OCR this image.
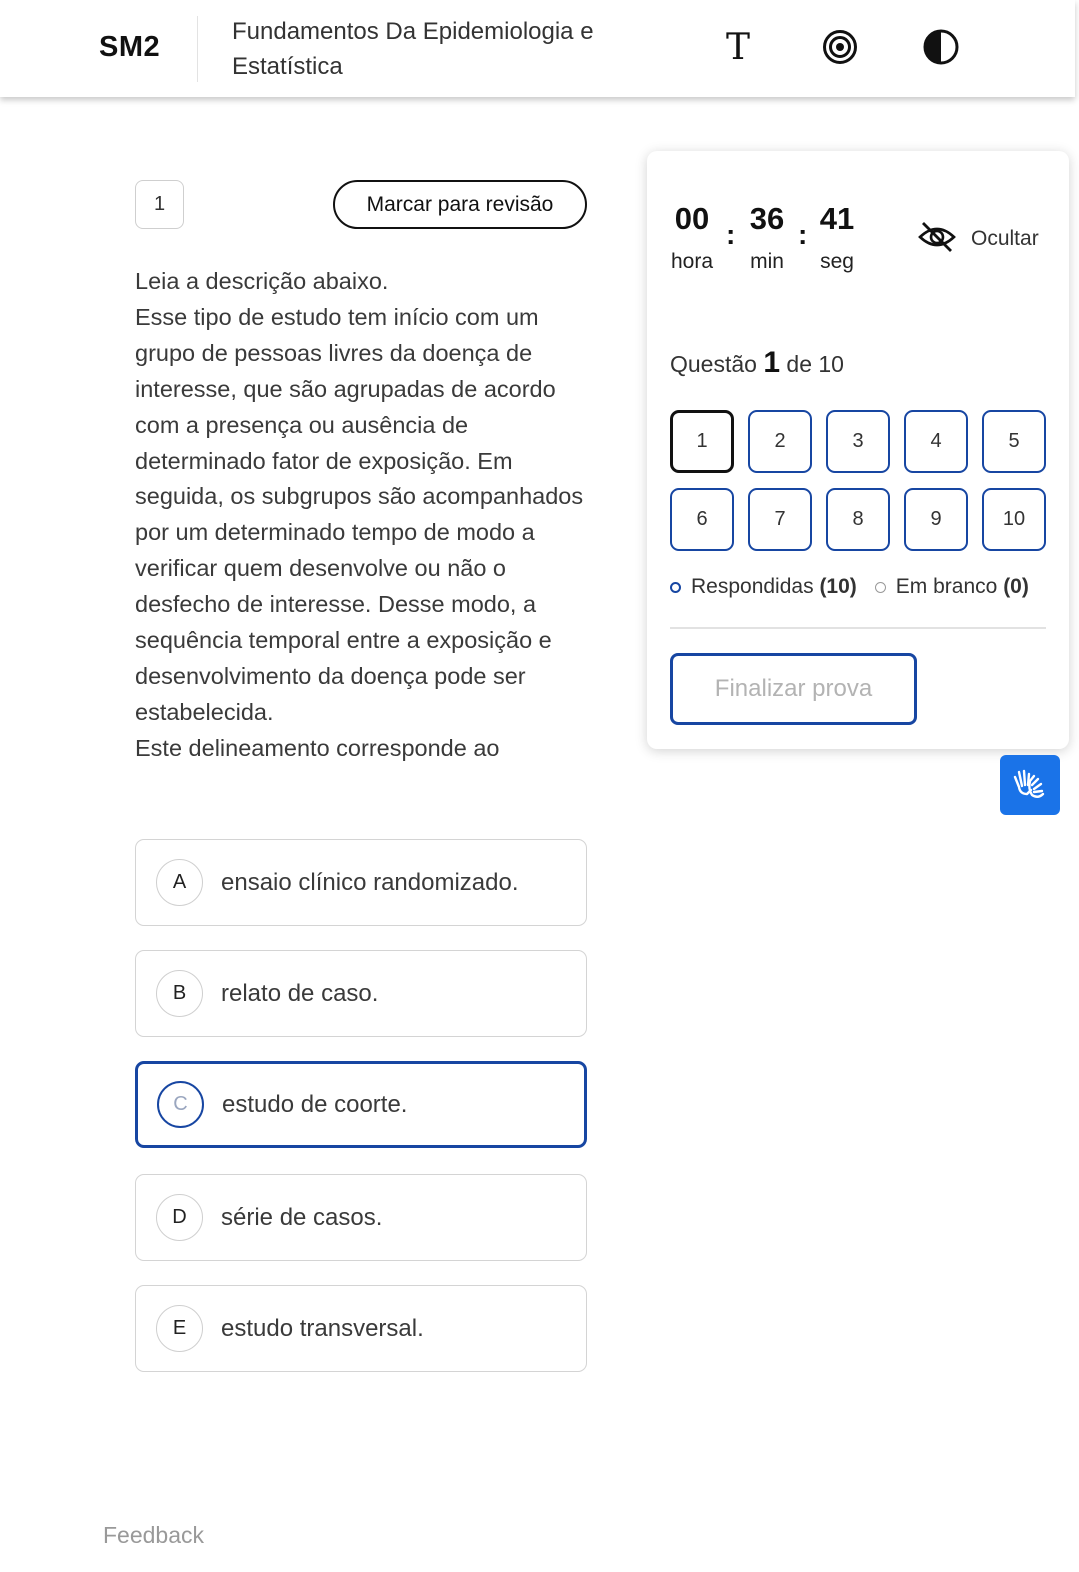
SM2	Fundamentos Da Epidemiologia e Estatística	T
1	Marcar para revisão

Leia a descrição abaixo.

Esse tipo de estudo tem início com um grupo de pessoas livres da doença de interesse, que são agrupadas de acordo com a presença ou ausência de determinado fator de exposição. Em seguida, os subgrupos são acompanhados por um determinado tempo de modo a verificar quem desenvolve ou não o desfecho de interesse. Desse modo, a sequência temporal entre a exposição e desenvolvimento da doença pode ser estabelecida.

Este delineamento corresponde ao

A	ensaio clínico randomizado.
B	relato de caso.
C	estudo de coorte.
D	série de casos.
E	estudo transversal.
00 : 36 : 41
hora	min	seg
Ocultar
Questão 1 de 10
1	2	3	4	5
6	7	8	9	10
Respondidas
(10) Em branco
(0)
Finalizar prova
Feedback
